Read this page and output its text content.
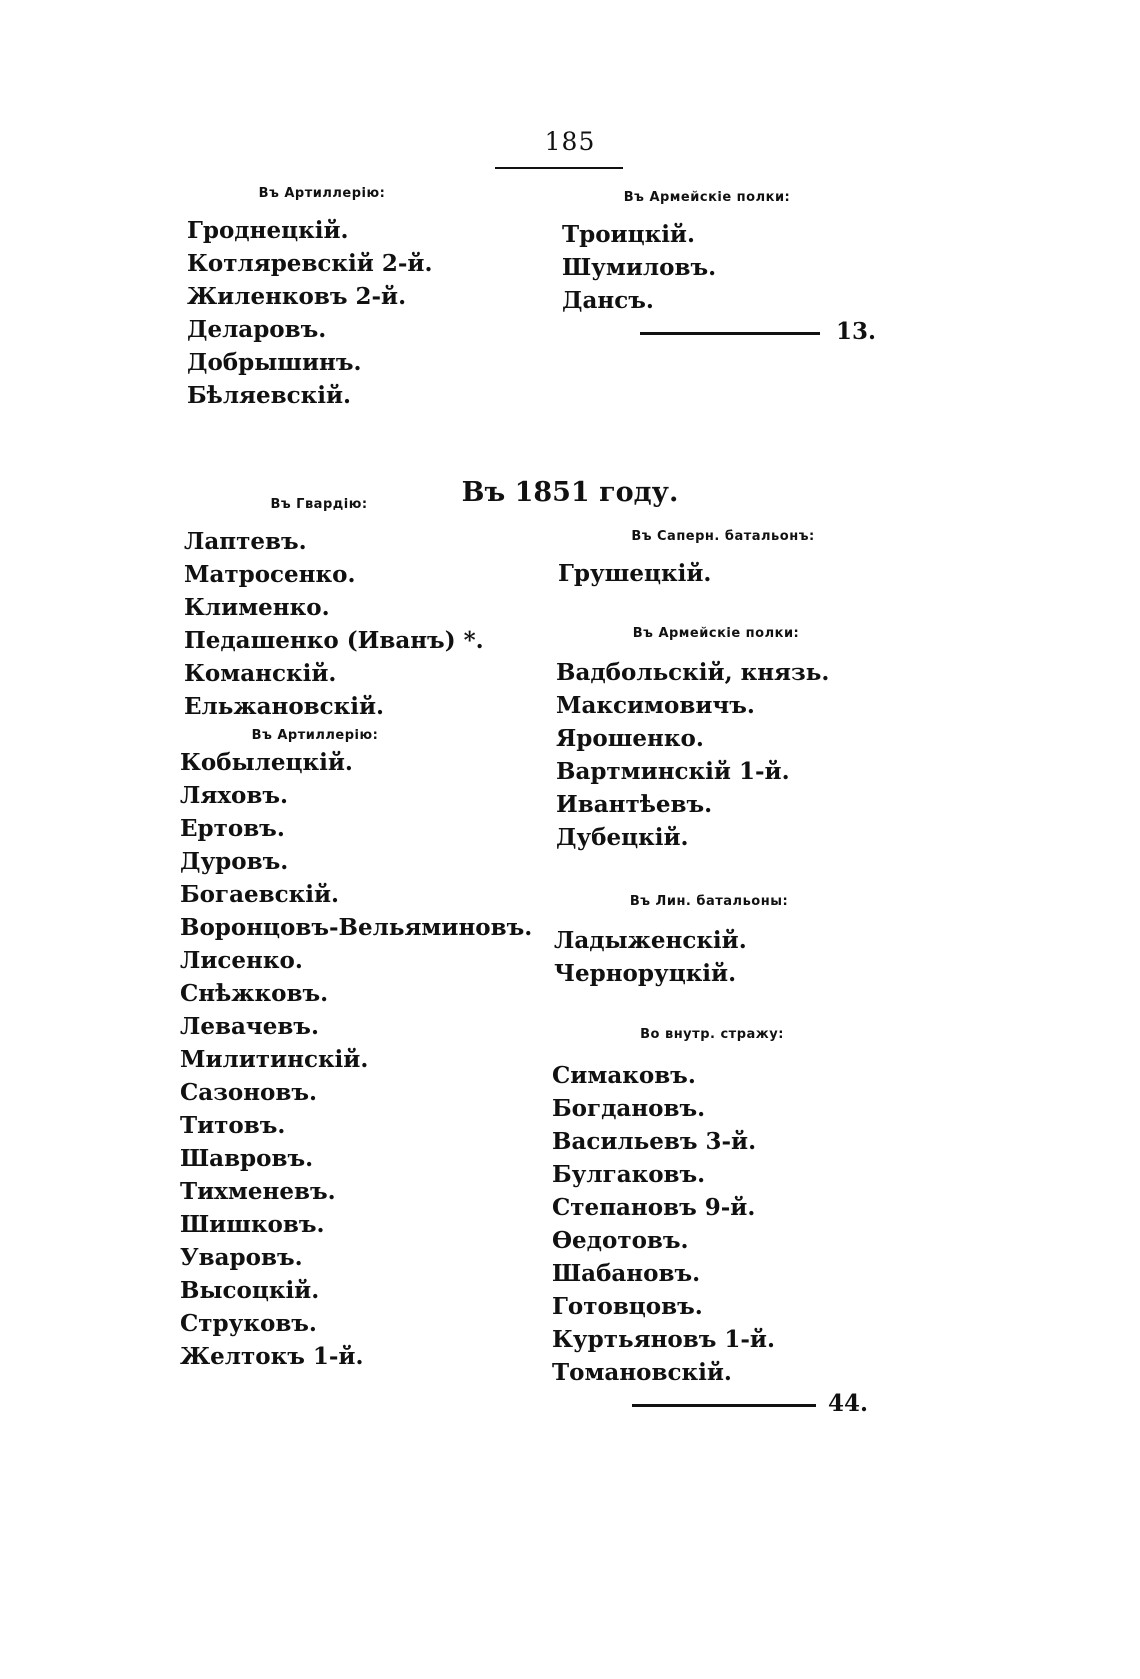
185
Въ Артиллерію:
Гроднецкій.
Котляревскій 2-й.
Жиленковъ 2-й.
Деларовъ.
Добрышинъ.
Бѣляевскій.
Въ Армейскіе полки:
Троицкій.
Шумиловъ.
Дансъ.
13.
Въ 1851 году.
Въ Гвардію:
Лаптевъ.
Матросенко.
Клименко.
Педашенко (Иванъ) *.
Команскій.
Ельжановскій.
Въ Артиллерію:
Кобылецкій.
Ляховъ.
Ертовъ.
Дуровъ.
Богаевскій.
Воронцовъ-Вельяминовъ.
Лисенко.
Снѣжковъ.
Левачевъ.
Милитинскій.
Сазоновъ.
Титовъ.
Шавровъ.
Тихменевъ.
Шишковъ.
Уваровъ.
Высоцкій.
Струковъ.
Желтокъ 1-й.
Въ Саперн. батальонъ:
Грушецкій.
Въ Армейскіе полки:
Вадбольскій, князь.
Максимовичъ.
Ярошенко.
Вартминскій 1-й.
Ивантѣевъ.
Дубецкій.
Въ Лин. батальоны:
Ладыженскій.
Черноруцкій.
Во внутр. стражу:
Симаковъ.
Богдановъ.
Васильевъ 3-й.
Булгаковъ.
Степановъ 9-й.
Ѳедотовъ.
Шабановъ.
Готовцовъ.
Куртьяновъ 1-й.
Томановскій.
44.
